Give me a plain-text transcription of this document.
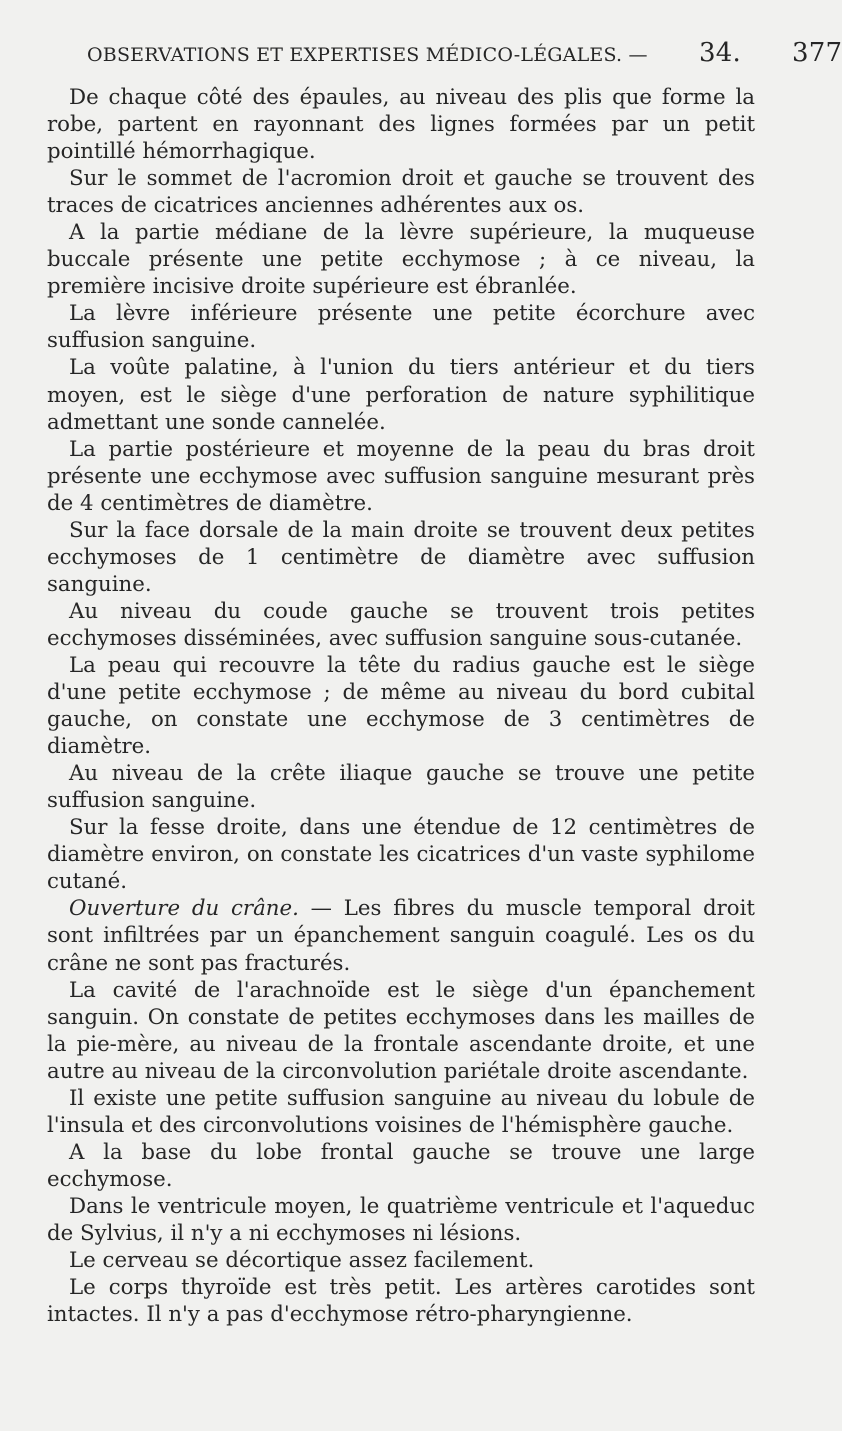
OBSERVATIONS ET EXPERTISES MÉDICO-LÉGALES. — 34. 377

De chaque côté des épaules, au niveau des plis que forme la robe, partent en rayonnant des lignes formées par un petit pointillé hémorrhagique.

Sur le sommet de l'acromion droit et gauche se trouvent des traces de cicatrices anciennes adhérentes aux os.

A la partie médiane de la lèvre supérieure, la muqueuse buccale présente une petite ecchymose ; à ce niveau, la première incisive droite supérieure est ébranlée.

La lèvre inférieure présente une petite écorchure avec suffusion sanguine.

La voûte palatine, à l'union du tiers antérieur et du tiers moyen, est le siège d'une perforation de nature syphilitique admettant une sonde cannelée.

La partie postérieure et moyenne de la peau du bras droit présente une ecchymose avec suffusion sanguine mesurant près de 4 centimètres de diamètre.

Sur la face dorsale de la main droite se trouvent deux petites ecchymoses de 1 centimètre de diamètre avec suffusion sanguine.

Au niveau du coude gauche se trouvent trois petites ecchymoses disséminées, avec suffusion sanguine sous-cutanée.

La peau qui recouvre la tête du radius gauche est le siège d'une petite ecchymose ; de même au niveau du bord cubital gauche, on constate une ecchymose de 3 centimètres de diamètre.

Au niveau de la crête iliaque gauche se trouve une petite suffusion sanguine.

Sur la fesse droite, dans une étendue de 12 centimètres de diamètre environ, on constate les cicatrices d'un vaste syphilome cutané.

Ouverture du crâne. — Les fibres du muscle temporal droit sont infiltrées par un épanchement sanguin coagulé. Les os du crâne ne sont pas fracturés.

La cavité de l'arachnoïde est le siège d'un épanchement sanguin. On constate de petites ecchymoses dans les mailles de la pie-mère, au niveau de la frontale ascendante droite, et une autre au niveau de la circonvolution pariétale droite ascendante.

Il existe une petite suffusion sanguine au niveau du lobule de l'insula et des circonvolutions voisines de l'hémisphère gauche.

A la base du lobe frontal gauche se trouve une large ecchymose.

Dans le ventricule moyen, le quatrième ventricule et l'aqueduc de Sylvius, il n'y a ni ecchymoses ni lésions.

Le cerveau se décortique assez facilement.

Le corps thyroïde est très petit. Les artères carotides sont intactes. Il n'y a pas d'ecchymose rétro-pharyngienne.
